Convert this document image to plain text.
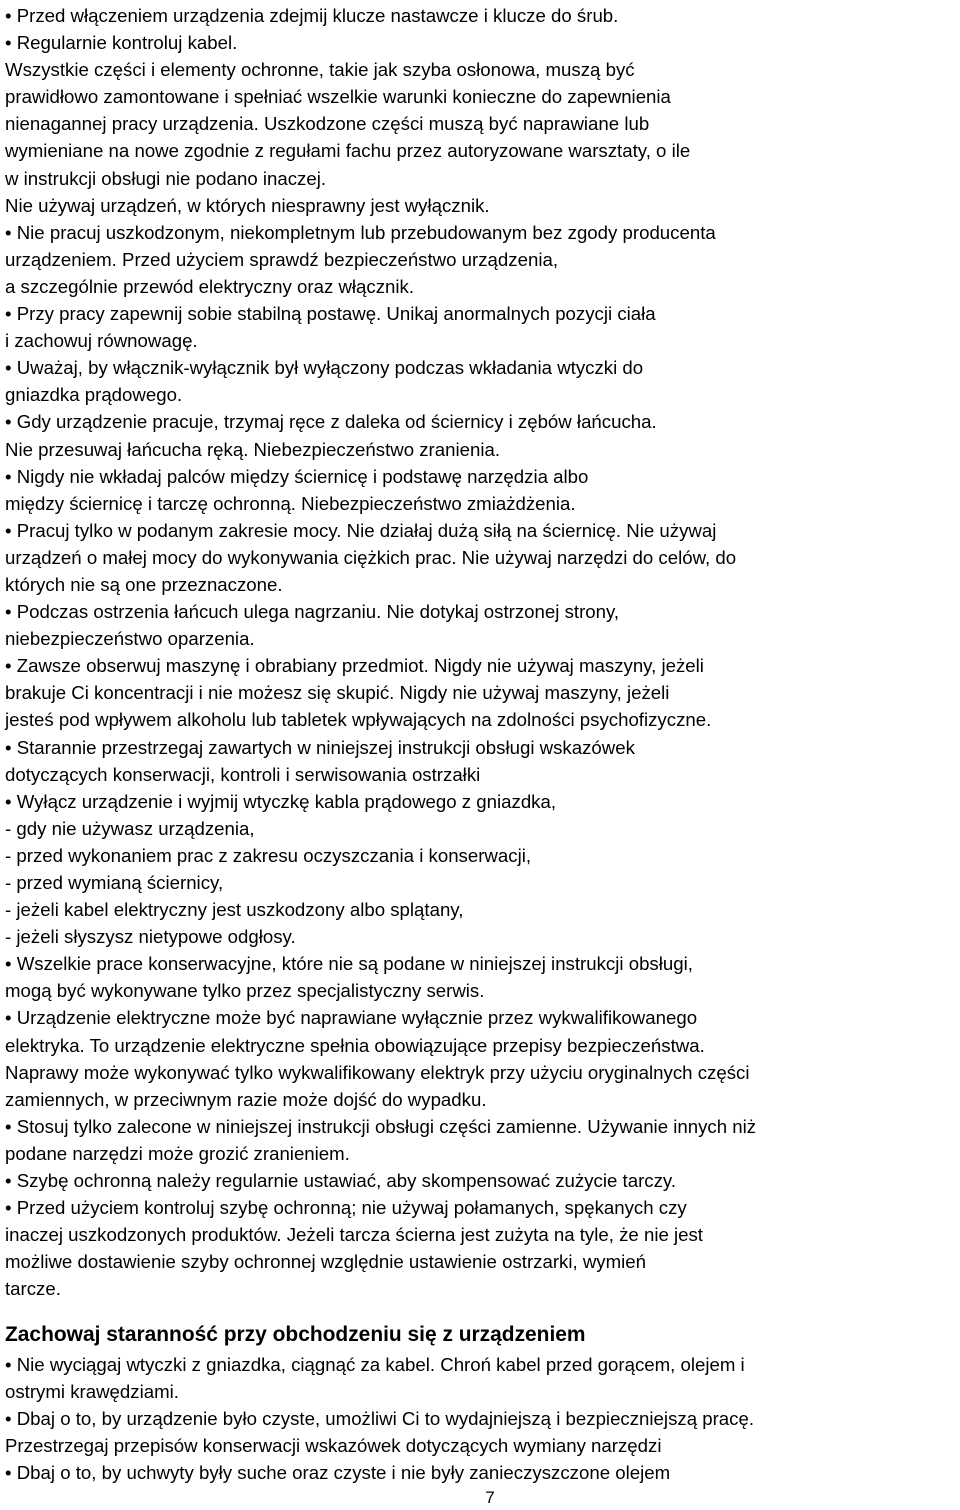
• Przed włączeniem urządzenia zdejmij klucze nastawcze i klucze do śrub.
• Regularnie kontroluj kabel.
Wszystkie części i elementy ochronne, takie jak szyba osłonowa, muszą być
prawidłowo zamontowane i spełniać wszelkie warunki konieczne do zapewnienia
nienagannej pracy urządzenia. Uszkodzone części muszą być naprawiane lub
wymieniane na nowe zgodnie z regułami fachu przez autoryzowane warsztaty, o ile
w instrukcji obsługi nie podano inaczej.
Nie używaj urządzeń, w których niesprawny jest wyłącznik.
• Nie pracuj uszkodzonym, niekompletnym lub przebudowanym bez zgody producenta
urządzeniem. Przed użyciem sprawdź bezpieczeństwo urządzenia,
a szczególnie przewód elektryczny oraz włącznik.
• Przy pracy zapewnij sobie stabilną postawę. Unikaj anormalnych pozycji ciała
i zachowuj równowagę.
• Uważaj, by włącznik-wyłącznik był wyłączony podczas wkładania wtyczki do
gniazdka prądowego.
• Gdy urządzenie pracuje, trzymaj ręce z daleka od ściernicy i zębów łańcucha.
Nie przesuwaj łańcucha ręką. Niebezpieczeństwo zranienia.
• Nigdy nie wkładaj palców między ściernicę i podstawę narzędzia albo
między ściernicę i tarczę ochronną. Niebezpieczeństwo zmiażdżenia.
• Pracuj tylko w podanym zakresie mocy. Nie działaj dużą siłą na ściernicę. Nie używaj
urządzeń o małej mocy do wykonywania ciężkich prac. Nie używaj narzędzi do celów, do
których nie są one przeznaczone.
• Podczas ostrzenia łańcuch ulega nagrzaniu. Nie dotykaj ostrzonej strony,
niebezpieczeństwo oparzenia.
• Zawsze obserwuj maszynę i obrabiany przedmiot. Nigdy nie używaj maszyny, jeżeli
brakuje Ci koncentracji i nie możesz się skupić. Nigdy nie używaj maszyny, jeżeli
jesteś pod wpływem alkoholu lub tabletek wpływających na zdolności psychofizyczne.
• Starannie przestrzegaj zawartych w niniejszej instrukcji obsługi wskazówek
dotyczących konserwacji, kontroli i serwisowania ostrzałki
• Wyłącz urządzenie i wyjmij wtyczkę kabla prądowego z gniazdka,
- gdy nie używasz urządzenia,
- przed wykonaniem prac z zakresu oczyszczania i konserwacji,
- przed wymianą ściernicy,
- jeżeli kabel elektryczny jest uszkodzony albo splątany,
- jeżeli słyszysz nietypowe odgłosy.
• Wszelkie prace konserwacyjne, które nie są podane w niniejszej instrukcji obsługi,
mogą być wykonywane tylko przez specjalistyczny serwis.
• Urządzenie elektryczne może być naprawiane wyłącznie przez wykwalifikowanego
elektryka. To urządzenie elektryczne spełnia obowiązujące przepisy bezpieczeństwa.
Naprawy może wykonywać tylko wykwalifikowany elektryk przy użyciu oryginalnych części
zamiennych, w przeciwnym razie może dojść do wypadku.
• Stosuj tylko zalecone w niniejszej instrukcji obsługi części zamienne. Używanie innych niż
podane narzędzi może grozić zranieniem.
• Szybę ochronną należy regularnie ustawiać, aby skompensować zużycie tarczy.
• Przed użyciem kontroluj szybę ochronną; nie używaj połamanych, spękanych czy
inaczej uszkodzonych produktów. Jeżeli tarcza ścierna jest zużyta na tyle, że nie jest
możliwe dostawienie szyby ochronnej względnie ustawienie ostrzarki, wymień
tarcze.
Zachowaj staranność przy obchodzeniu się z urządzeniem
• Nie wyciągaj wtyczki z gniazdka, ciągnąć za kabel. Chroń kabel przed gorącem, olejem i
ostrymi krawędziami.
• Dbaj o to, by urządzenie było czyste, umożliwi Ci to wydajniejszą i bezpieczniejszą pracę.
Przestrzegaj przepisów konserwacji wskazówek dotyczących wymiany narzędzi
• Dbaj o to, by uchwyty były suche oraz czyste i nie były zanieczyszczone olejem
7
